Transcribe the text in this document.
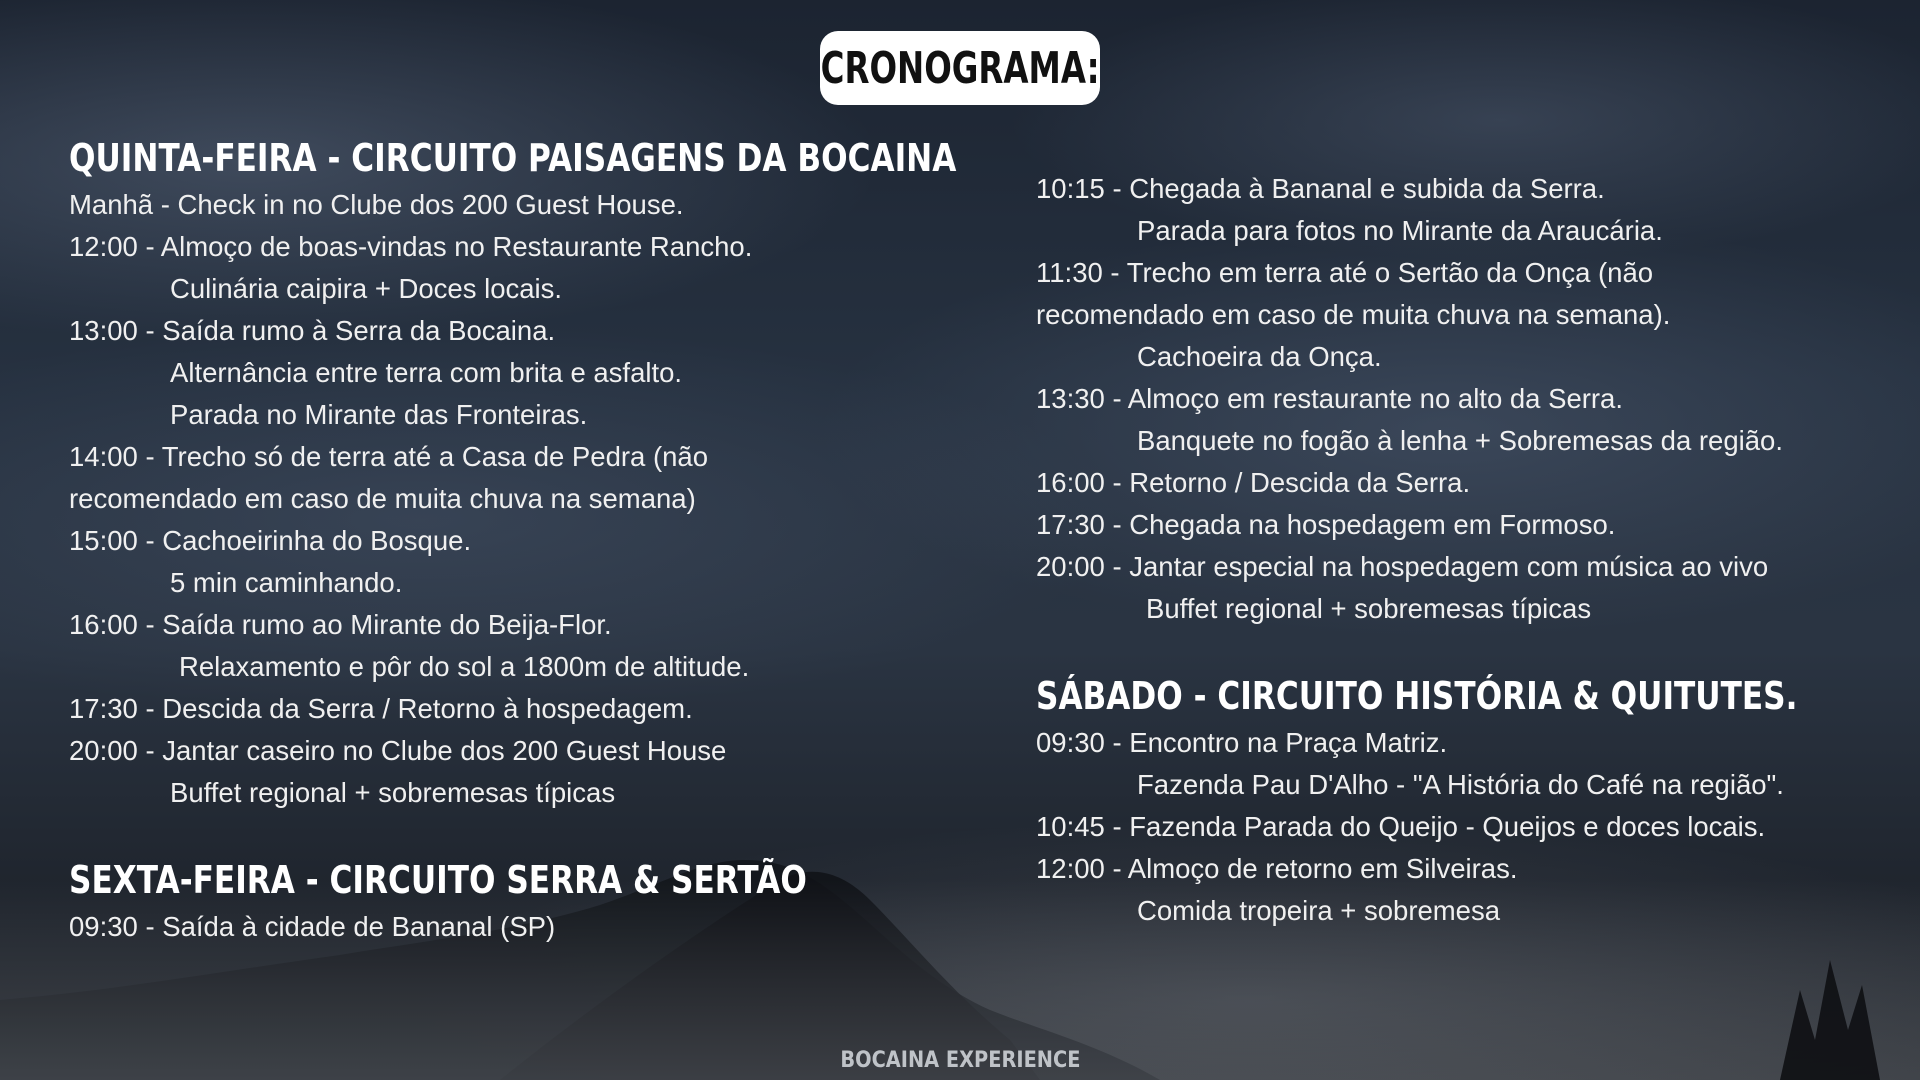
CRONOGRAMA:
QUINTA-FEIRA - CIRCUITO PAISAGENS DA BOCAINA
Manhã - Check in no Clube dos 200 Guest House.
12:00 - Almoço de boas-vindas no Restaurante Rancho.
Culinária caipira + Doces locais.
13:00 - Saída rumo à Serra da Bocaina.
Alternância entre terra com brita e asfalto.
Parada no Mirante das Fronteiras.
14:00 - Trecho só de terra até a Casa de Pedra (não
recomendado em caso de muita chuva na semana)
15:00 - Cachoeirinha do Bosque.
5 min caminhando.
16:00 - Saída rumo ao Mirante do Beija-Flor.
Relaxamento e pôr do sol a 1800m de altitude.
17:30 - Descida da Serra / Retorno à hospedagem.
20:00 - Jantar caseiro no Clube dos 200 Guest House
Buffet regional + sobremesas típicas
SEXTA-FEIRA - CIRCUITO SERRA & SERTÃO
09:30 - Saída à cidade de Bananal (SP)
10:15 - Chegada à Bananal e subida da Serra.
Parada para fotos no Mirante da Araucária.
11:30 - Trecho em terra até o Sertão da Onça (não
recomendado em caso de muita chuva na semana).
Cachoeira da Onça.
13:30 - Almoço em restaurante no alto da Serra.
Banquete no fogão à lenha + Sobremesas da região.
16:00 - Retorno / Descida da Serra.
17:30 - Chegada na hospedagem em Formoso.
20:00 - Jantar especial na hospedagem com música ao vivo
Buffet regional + sobremesas típicas
SÁBADO - CIRCUITO HISTÓRIA & QUITUTES.
09:30 - Encontro na Praça Matriz.
Fazenda Pau D'Alho - "A História do Café na região".
10:45 - Fazenda Parada do Queijo - Queijos e doces locais.
12:00 - Almoço de retorno em Silveiras.
Comida tropeira + sobremesa
BOCAINA EXPERIENCE
